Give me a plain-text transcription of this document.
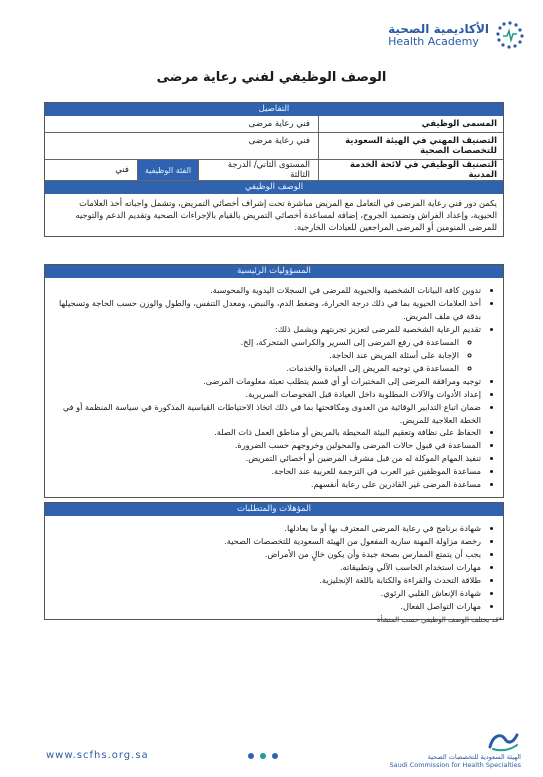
الأكاديمية الصحية
Health Academy
الوصف الوظيفي لفني رعاية مرضى
التفاصيل
المسمى الوظيفي
فني رعاية مرضى
التصنيف المهني في الهيئة السعودية للتخصصات الصحية
فني رعاية مرضى
التصنيف الوظيفي في لائحة الخدمة المدنية
المستوى الثاني/ الدرجة الثالثة
الفئة الوظيفية
فني
الوصف الوظيفي
يكمن دور فني رعاية المرضى في التعامل مع المريض مباشرة تحت إشراف أخصائي التمريض، وتشمل واجباته أخذ العلامات الحيوية، وإعداد الفراش وتضميد الجروح، إضافة لمساعدة أخصائي التمريض بالقيام بالإجراءات الصحية وتقديم الدعم والتوجيه للمرضى المنومين أو المرضى المراجعين للعيادات الخارجية.
المسؤوليات الرئيسية
• تدوين كافة البيانات الشخصية والحيوية للمرضى في السجلات اليدوية والمحوسبة.
• أخذ العلامات الحيوية بما في ذلك درجة الحرارة، وضغط الدم، والنبض، ومعدل التنفس، والطول والوزن حسب الحاجة وتسجيلها بدقة في ملف المريض.
• تقديم الرعاية الشخصية للمرضى لتعزيز تجربتهم ويشمل ذلك:
◦ المساعدة في رفع المرضى إلى السرير والكراسي المتحركة، إلخ.
◦ الإجابة على أسئلة المريض عند الحاجة.
◦ المساعدة في توجيه المريض إلى العيادة والخدمات.
• توجيه ومرافقة المرضى إلى المختبرات أو أي قسم يتطلب تعبئة معلومات المرضى.
• إعداد الأدوات والآلات المطلوبة داخل العيادة قبل الفحوصات السريرية.
• ضمان اتباع التدابير الوقائية من العدوى ومكافحتها بما في ذلك اتخاذ الاحتياطات القياسية المذكورة في سياسة المنظمة أو في الخطة العلاجية للمريض.
• الحفاظ على نظافة وتعقيم البيئة المحيطة بالمريض أو مناطق العمل ذات الصلة.
• المساعدة في قبول حالات المرضى والمحولين وخروجهم حسب الضرورة.
• تنفيذ المهام الموكلة له من قبل مشرف المرضين أو أخصائي التمريض.
• مساعدة الموظفين غير العرب في الترجمة للعربية عند الحاجة.
• مساعدة المرضى غير القادرين على رعاية أنفسهم.
المؤهلات والمتطلبات
• شهادة برنامج في رعاية المرضى المعترف بها أو ما يعادلها.
• رخصة مزاولة المهنة سارية المفعول من الهيئة السعودية للتخصصات الصحية.
• يجب أن يتمتع الممارس بصحة جيدة وأن يكون خالٍ من الأمراض.
• مهارات استخدام الحاسب الآلي وتطبيقاته.
• طلاقة التحدث والقراءة والكتابة باللغة الإنجليزية.
• شهادة الإنعاش القلبي الرئوي.
• مهارات التواصل الفعال.
*قد يختلف الوصف الوظيفي حسب المنشأة
www.scfhs.org.sa	الهيئة السعودية للتخصصات الصحية
Saudi Commission for Health Specialties
